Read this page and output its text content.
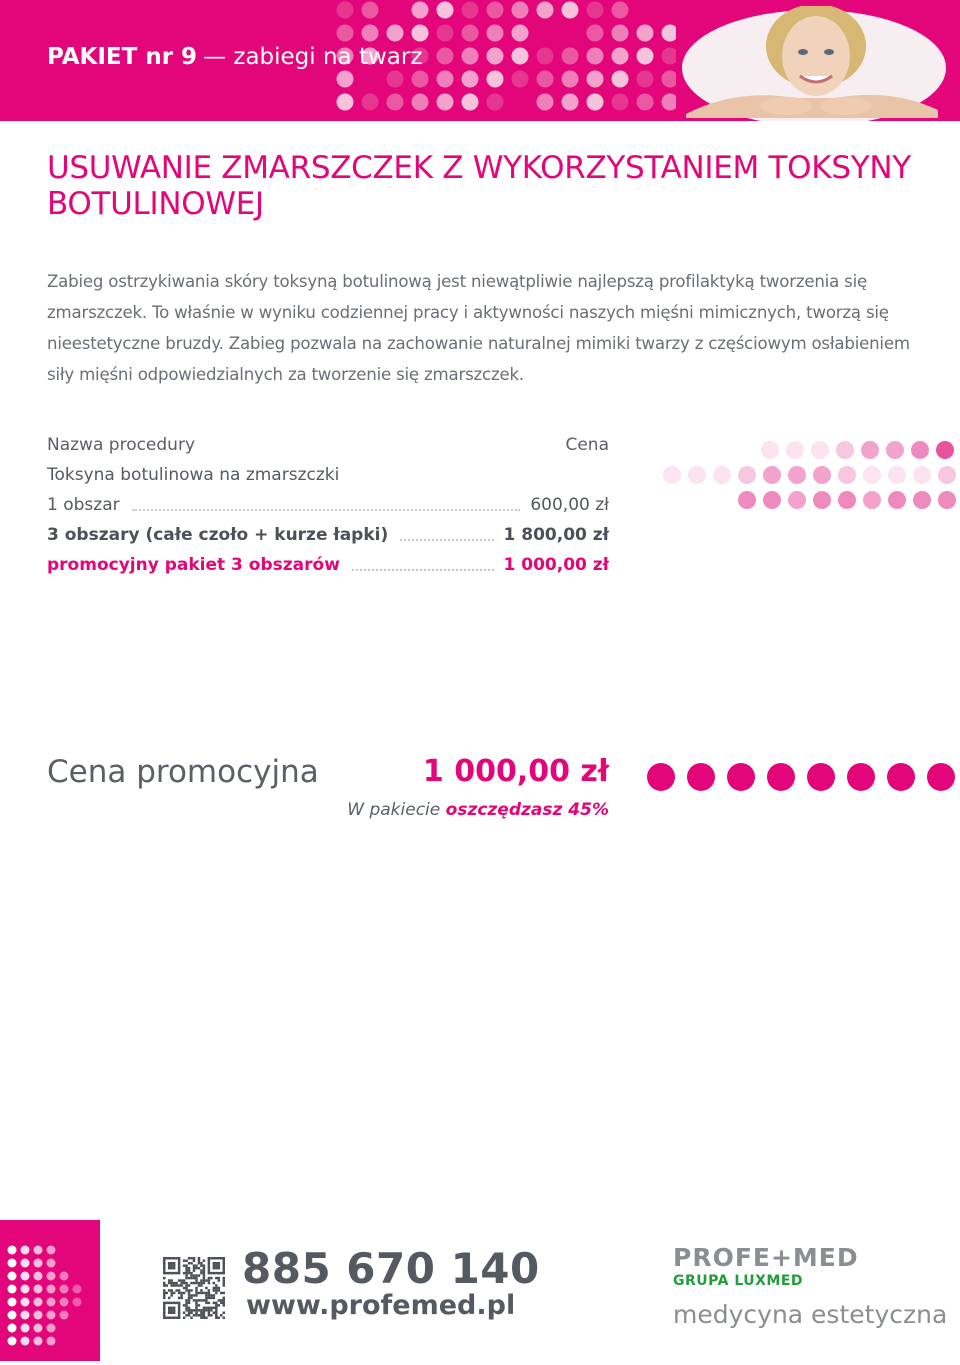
PAKIET nr 9 — zabiegi na twarz
USUWANIE ZMARSZCZEK Z WYKORZYSTANIEM TOKSYNY BOTULINOWEJ

Zabieg ostrzykiwania skóry toksyną botulinową jest niewątpliwie najlepszą profilaktyką tworzenia się zmarszczek. To właśnie w wyniku codziennej pracy i aktywności naszych mięśni mimicznych, tworzą się nieestetyczne bruzdy. Zabieg pozwala na zachowanie naturalnej mimiki twarzy z częściowym osłabieniem siły mięśni odpowiedzialnych za tworzenie się zmarszczek.

Nazwa procedury	Cena
Toksyna botulinowa na zmarszczki
1 obszar	600,00 zł
3 obszary (całe czoło + kurze łapki)	1 800,00 zł
promocyjny pakiet 3 obszarów	1 000,00 zł
Cena promocyjna	1 000,00 zł
W pakiecie oszczędzasz 45%
885 670 140
www.profemed.pl
PROFE+MED
GRUPA LUXMED
medycyna estetyczna
